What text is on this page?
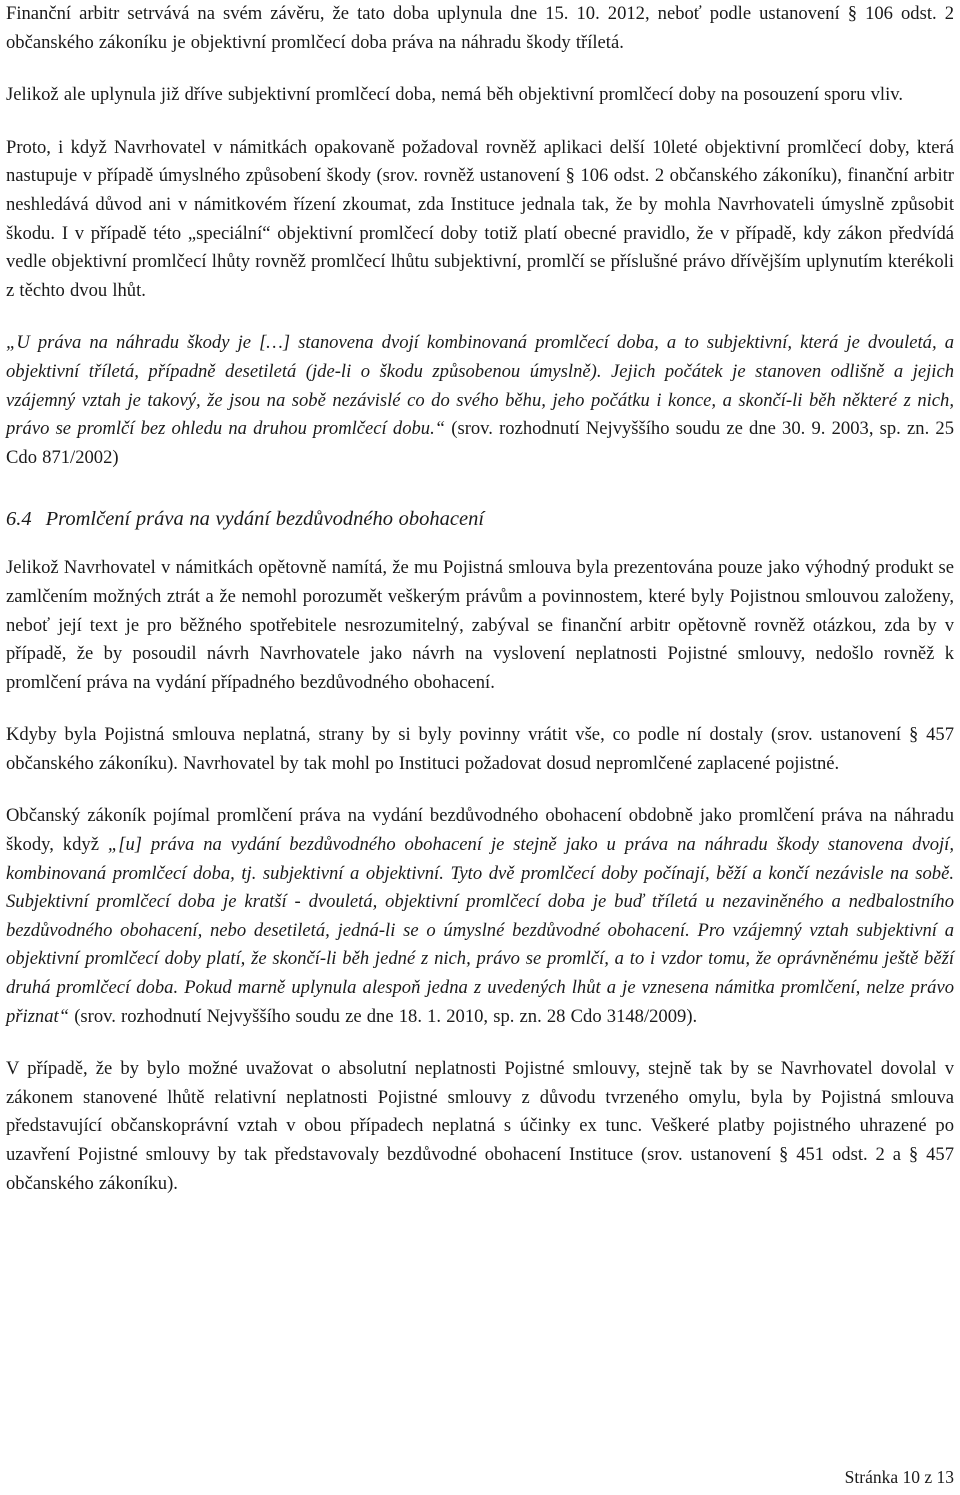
Finanční arbitr setrvává na svém závěru, že tato doba uplynula dne 15. 10. 2012, neboť podle ustanovení § 106 odst. 2 občanského zákoníku je objektivní promlčecí doba práva na náhradu škody tříletá.

Jelikož ale uplynula již dříve subjektivní promlčecí doba, nemá běh objektivní promlčecí doby na posouzení sporu vliv.

Proto, i když Navrhovatel v námitkách opakovaně požadoval rovněž aplikaci delší 10leté objektivní promlčecí doby, která nastupuje v případě úmyslného způsobení škody (srov. rovněž ustanovení § 106 odst. 2 občanského zákoníku), finanční arbitr neshledává důvod ani v námitkovém řízení zkoumat, zda Instituce jednala tak, že by mohla Navrhovateli úmyslně způsobit škodu. I v případě této „speciální“ objektivní promlčecí doby totiž platí obecné pravidlo, že v případě, kdy zákon předvídá vedle objektivní promlčecí lhůty rovněž promlčecí lhůtu subjektivní, promlčí se příslušné právo dřívějším uplynutím kterékoli z těchto dvou lhůt.

„U práva na náhradu škody je […] stanovena dvojí kombinovaná promlčecí doba, a to subjektivní, která je dvouletá, a objektivní tříletá, případně desetiletá (jde-li o škodu způsobenou úmyslně). Jejich počátek je stanoven odlišně a jejich vzájemný vztah je takový, že jsou na sobě nezávislé co do svého běhu, jeho počátku i konce, a skončí-li běh některé z nich, právo se promlčí bez ohledu na druhou promlčecí dobu.“ (srov. rozhodnutí Nejvyššího soudu ze dne 30. 9. 2003, sp. zn. 25 Cdo 871/2002)

6.4 Promlčení práva na vydání bezdůvodného obohacení

Jelikož Navrhovatel v námitkách opětovně namítá, že mu Pojistná smlouva byla prezentována pouze jako výhodný produkt se zamlčením možných ztrát a že nemohl porozumět veškerým právům a povinnostem, které byly Pojistnou smlouvou založeny, neboť její text je pro běžného spotřebitele nesrozumitelný, zabýval se finanční arbitr opětovně rovněž otázkou, zda by v případě, že by posoudil návrh Navrhovatele jako návrh na vyslovení neplatnosti Pojistné smlouvy, nedošlo rovněž k promlčení práva na vydání případného bezdůvodného obohacení.

Kdyby byla Pojistná smlouva neplatná, strany by si byly povinny vrátit vše, co podle ní dostaly (srov. ustanovení § 457 občanského zákoníku). Navrhovatel by tak mohl po Instituci požadovat dosud nepromlčené zaplacené pojistné.

Občanský zákoník pojímal promlčení práva na vydání bezdůvodného obohacení obdobně jako promlčení práva na náhradu škody, když „[u] práva na vydání bezdůvodného obohacení je stejně jako u práva na náhradu škody stanovena dvojí, kombinovaná promlčecí doba, tj. subjektivní a objektivní. Tyto dvě promlčecí doby počínají, běží a končí nezávisle na sobě. Subjektivní promlčecí doba je kratší - dvouletá, objektivní promlčecí doba je buď tříletá u nezaviněného a nedbalostního bezdůvodného obohacení, nebo desetiletá, jedná-li se o úmyslné bezdůvodné obohacení. Pro vzájemný vztah subjektivní a objektivní promlčecí doby platí, že skončí-li běh jedné z nich, právo se promlčí, a to i vzdor tomu, že oprávněnému ještě běží druhá promlčecí doba. Pokud marně uplynula alespoň jedna z uvedených lhůt a je vznesena námitka promlčení, nelze právo přiznat“ (srov. rozhodnutí Nejvyššího soudu ze dne 18. 1. 2010, sp. zn. 28 Cdo 3148/2009).

V případě, že by bylo možné uvažovat o absolutní neplatnosti Pojistné smlouvy, stejně tak by se Navrhovatel dovolal v zákonem stanovené lhůtě relativní neplatnosti Pojistné smlouvy z důvodu tvrzeného omylu, byla by Pojistná smlouva představující občanskoprávní vztah v obou případech neplatná s účinky ex tunc. Veškeré platby pojistného uhrazené po uzavření Pojistné smlouvy by tak představovaly bezdůvodné obohacení Instituce (srov. ustanovení § 451 odst. 2 a § 457 občanského zákoníku).

Stránka 10 z 13
